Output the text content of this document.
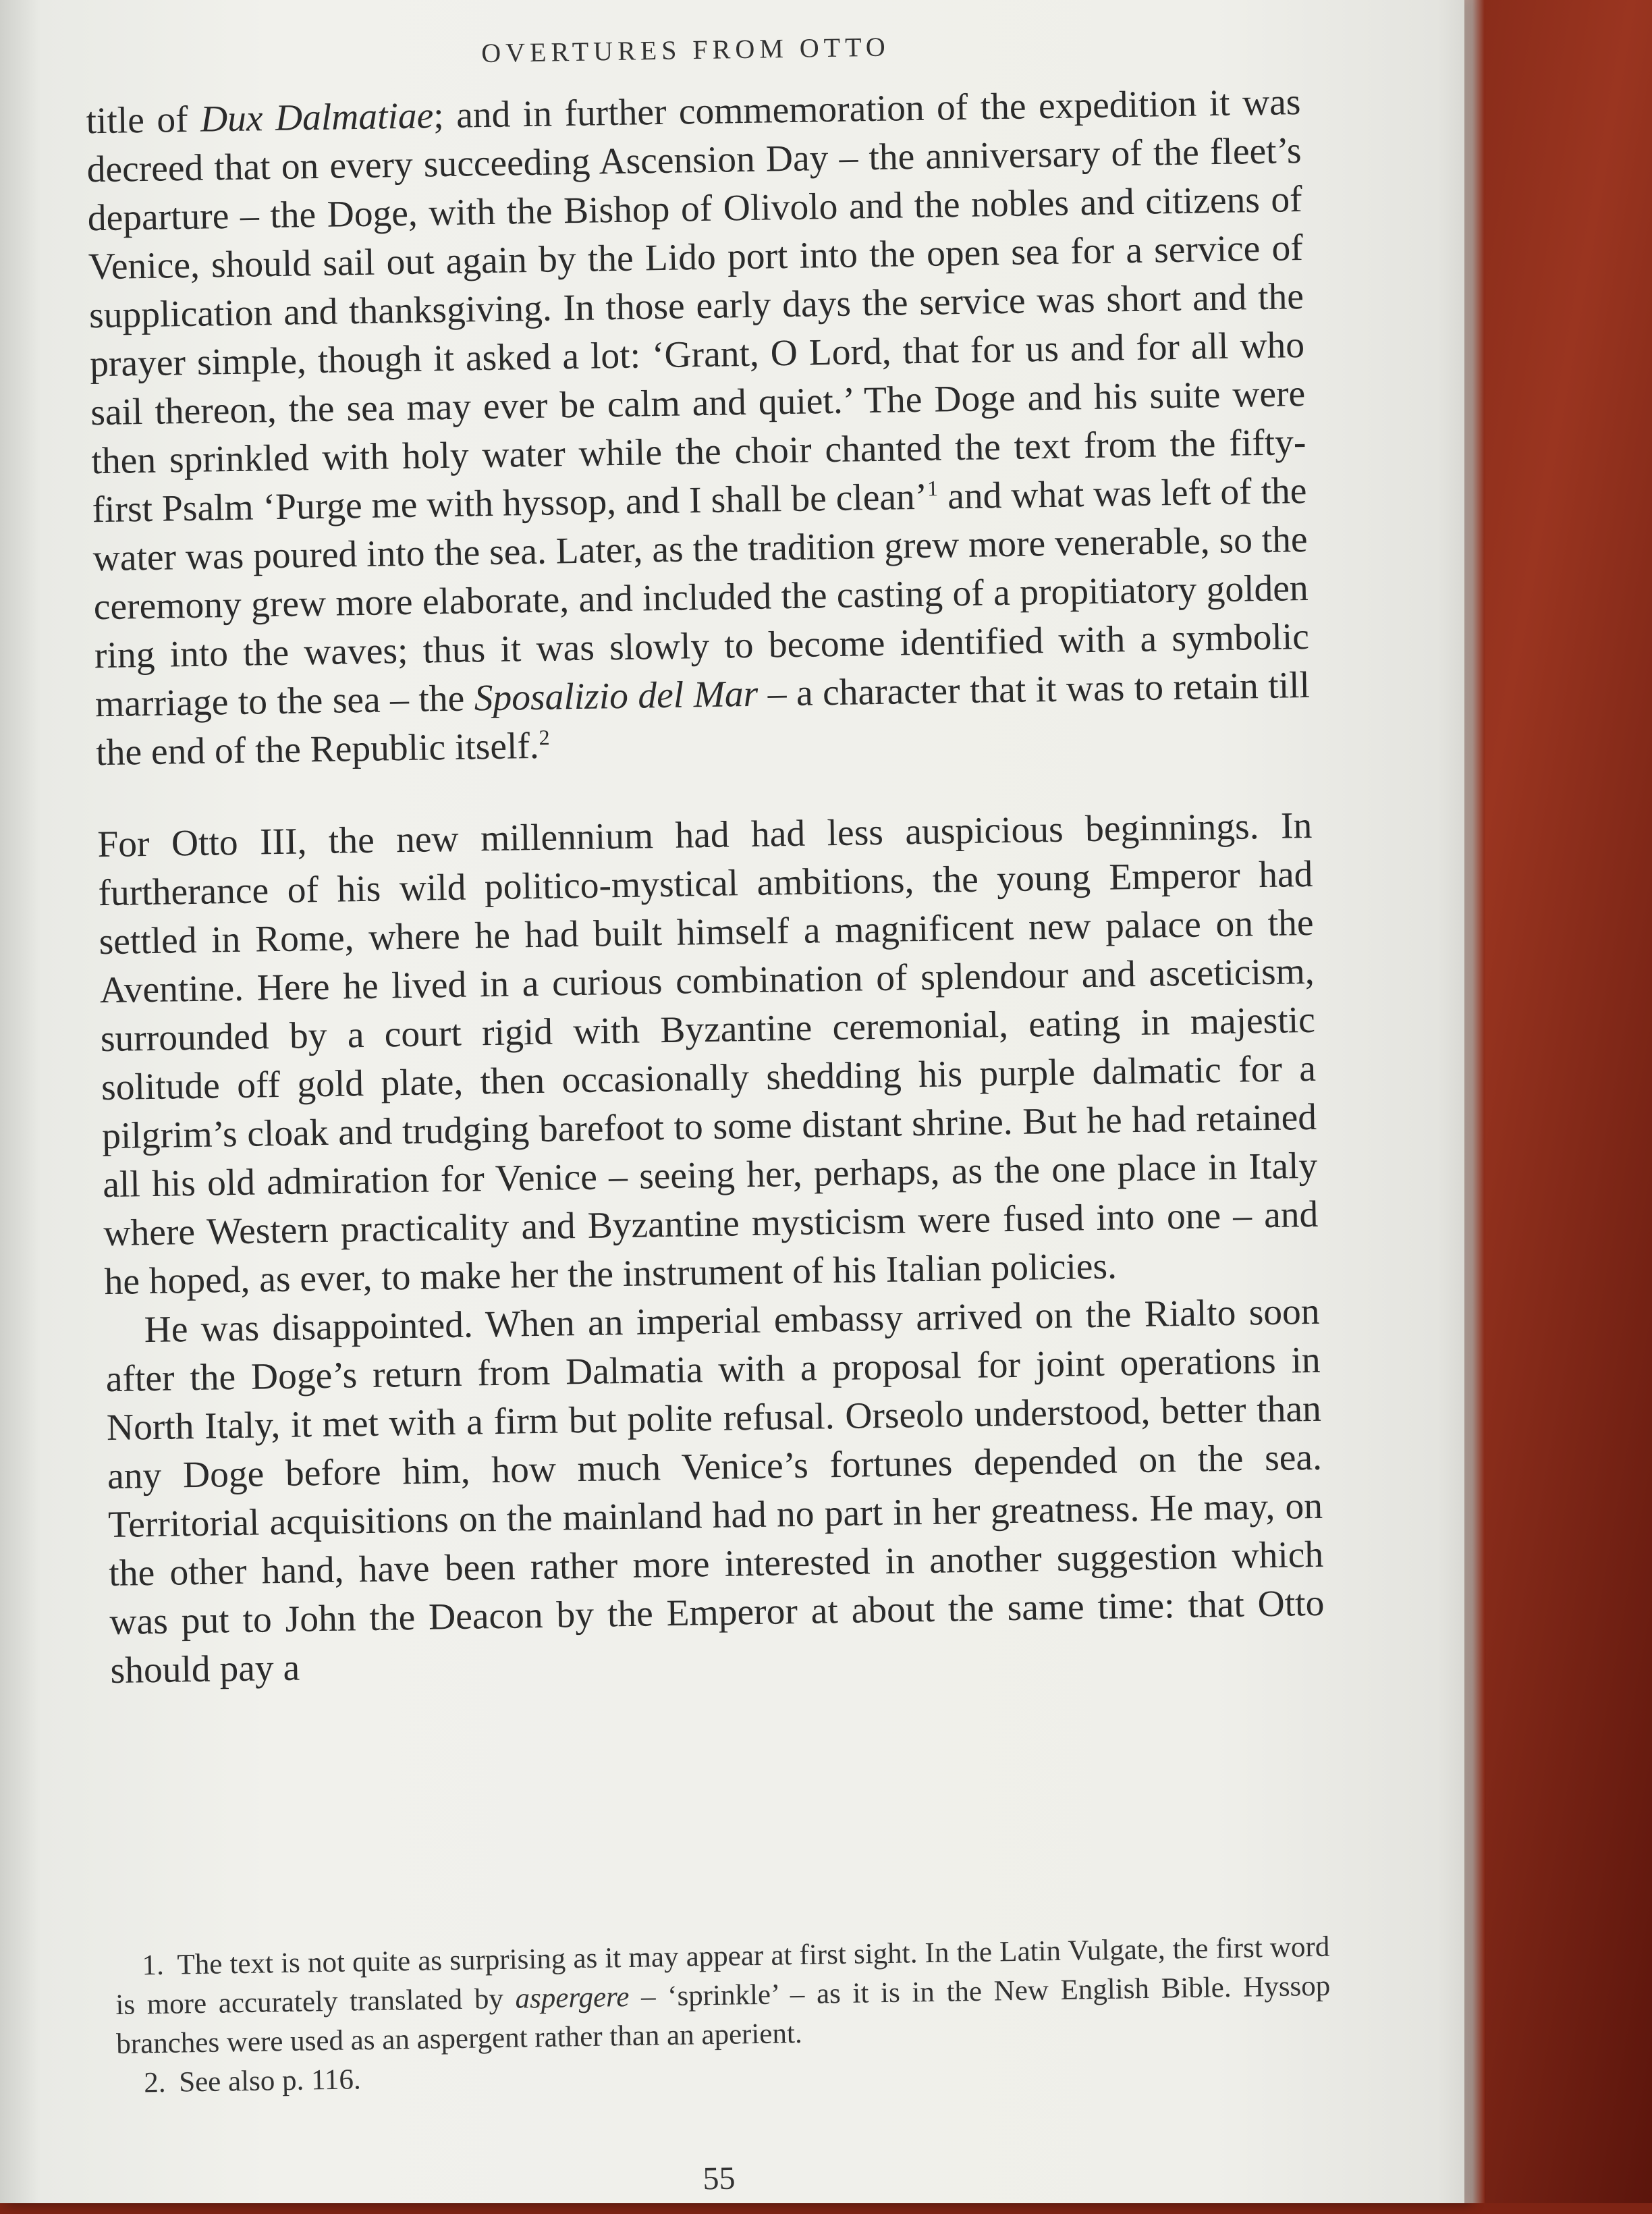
OVERTURES FROM OTTO

title of Dux Dalmatiae; and in further commemoration of the expedition it was decreed that on every succeeding Ascension Day – the anniversary of the fleet’s departure – the Doge, with the Bishop of Olivolo and the nobles and citizens of Venice, should sail out again by the Lido port into the open sea for a service of supplication and thanksgiving. In those early days the service was short and the prayer simple, though it asked a lot: ‘Grant, O Lord, that for us and for all who sail thereon, the sea may ever be calm and quiet.’ The Doge and his suite were then sprinkled with holy water while the choir chanted the text from the fifty-first Psalm ‘Purge me with hyssop, and I shall be clean’$^1$ and what was left of the water was poured into the sea. Later, as the tradition grew more venerable, so the ceremony grew more elaborate, and included the casting of a propitiatory golden ring into the waves; thus it was slowly to become identified with a symbolic marriage to the sea – the Sposalizio del Mar – a character that it was to retain till the end of the Republic itself.$^2$

For Otto III, the new millennium had had less auspicious beginnings. In furtherance of his wild politico-mystical ambitions, the young Emperor had settled in Rome, where he had built himself a magnificent new palace on the Aventine. Here he lived in a curious combination of splendour and asceticism, surrounded by a court rigid with Byzantine ceremonial, eating in majestic solitude off gold plate, then occasionally shedding his purple dalmatic for a pilgrim’s cloak and trudging barefoot to some distant shrine. But he had retained all his old admiration for Venice – seeing her, perhaps, as the one place in Italy where Western practicality and Byzantine mysticism were fused into one – and he hoped, as ever, to make her the instrument of his Italian policies.

He was disappointed. When an imperial embassy arrived on the Rialto soon after the Doge’s return from Dalmatia with a proposal for joint operations in North Italy, it met with a firm but polite refusal. Orseolo understood, better than any Doge before him, how much Venice’s fortunes depended on the sea. Territorial acquisitions on the mainland had no part in her greatness. He may, on the other hand, have been rather more interested in another suggestion which was put to John the Deacon by the Emperor at about the same time: that Otto should pay a

1. The text is not quite as surprising as it may appear at first sight. In the Latin Vulgate, the first word is more accurately translated by aspergere – ‘sprinkle’ – as it is in the New English Bible. Hyssop branches were used as an aspergent rather than an aperient.

2. See also p. 116.

55
